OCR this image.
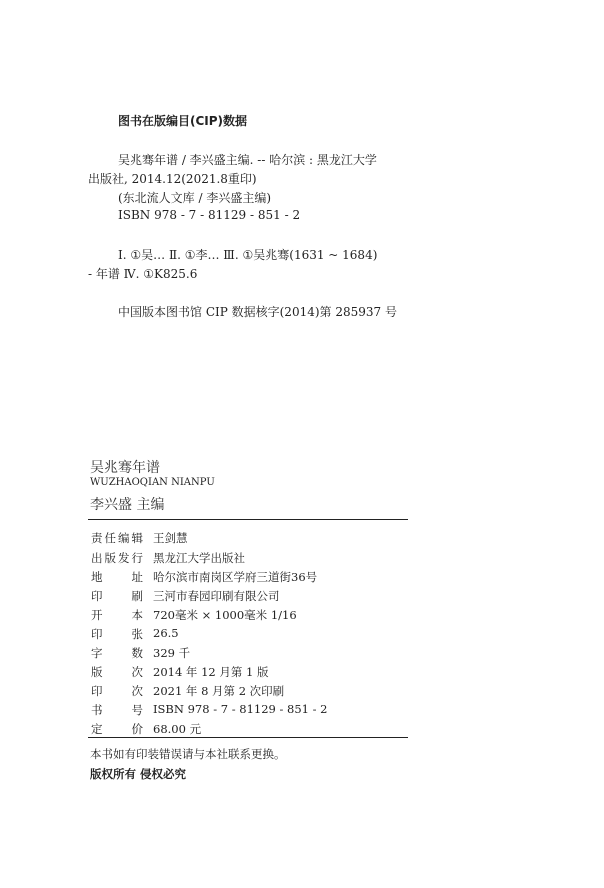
图书在版编目(CIP)数据
吴兆骞年谱 / 李兴盛主编. -- 哈尔滨 : 黑龙江大学
出版社, 2014.12(2021.8重印)
(东北流人文库 / 李兴盛主编)
ISBN 978 - 7 - 81129 - 851 - 2
Ⅰ. ①吴… Ⅱ. ①李… Ⅲ. ①吴兆骞(1631 ~ 1684)
- 年谱 Ⅳ. ①K825.6
中国版本图书馆 CIP 数据核字(2014)第 285937 号
吴兆骞年谱
WUZHAOQIAN NIANPU
李兴盛 主编
责任编辑 王剑慧
出版发行 黑龙江大学出版社
地址 哈尔滨市南岗区学府三道街36号
印刷 三河市春园印刷有限公司
开本 720毫米 × 1000毫米 1/16
印张 26.5
字数 329 千
版次 2014 年 12 月第 1 版
印次 2021 年 8 月第 2 次印刷
书号 ISBN 978 - 7 - 81129 - 851 - 2
定价 68.00 元
本书如有印装错误请与本社联系更换。
版权所有 侵权必究
